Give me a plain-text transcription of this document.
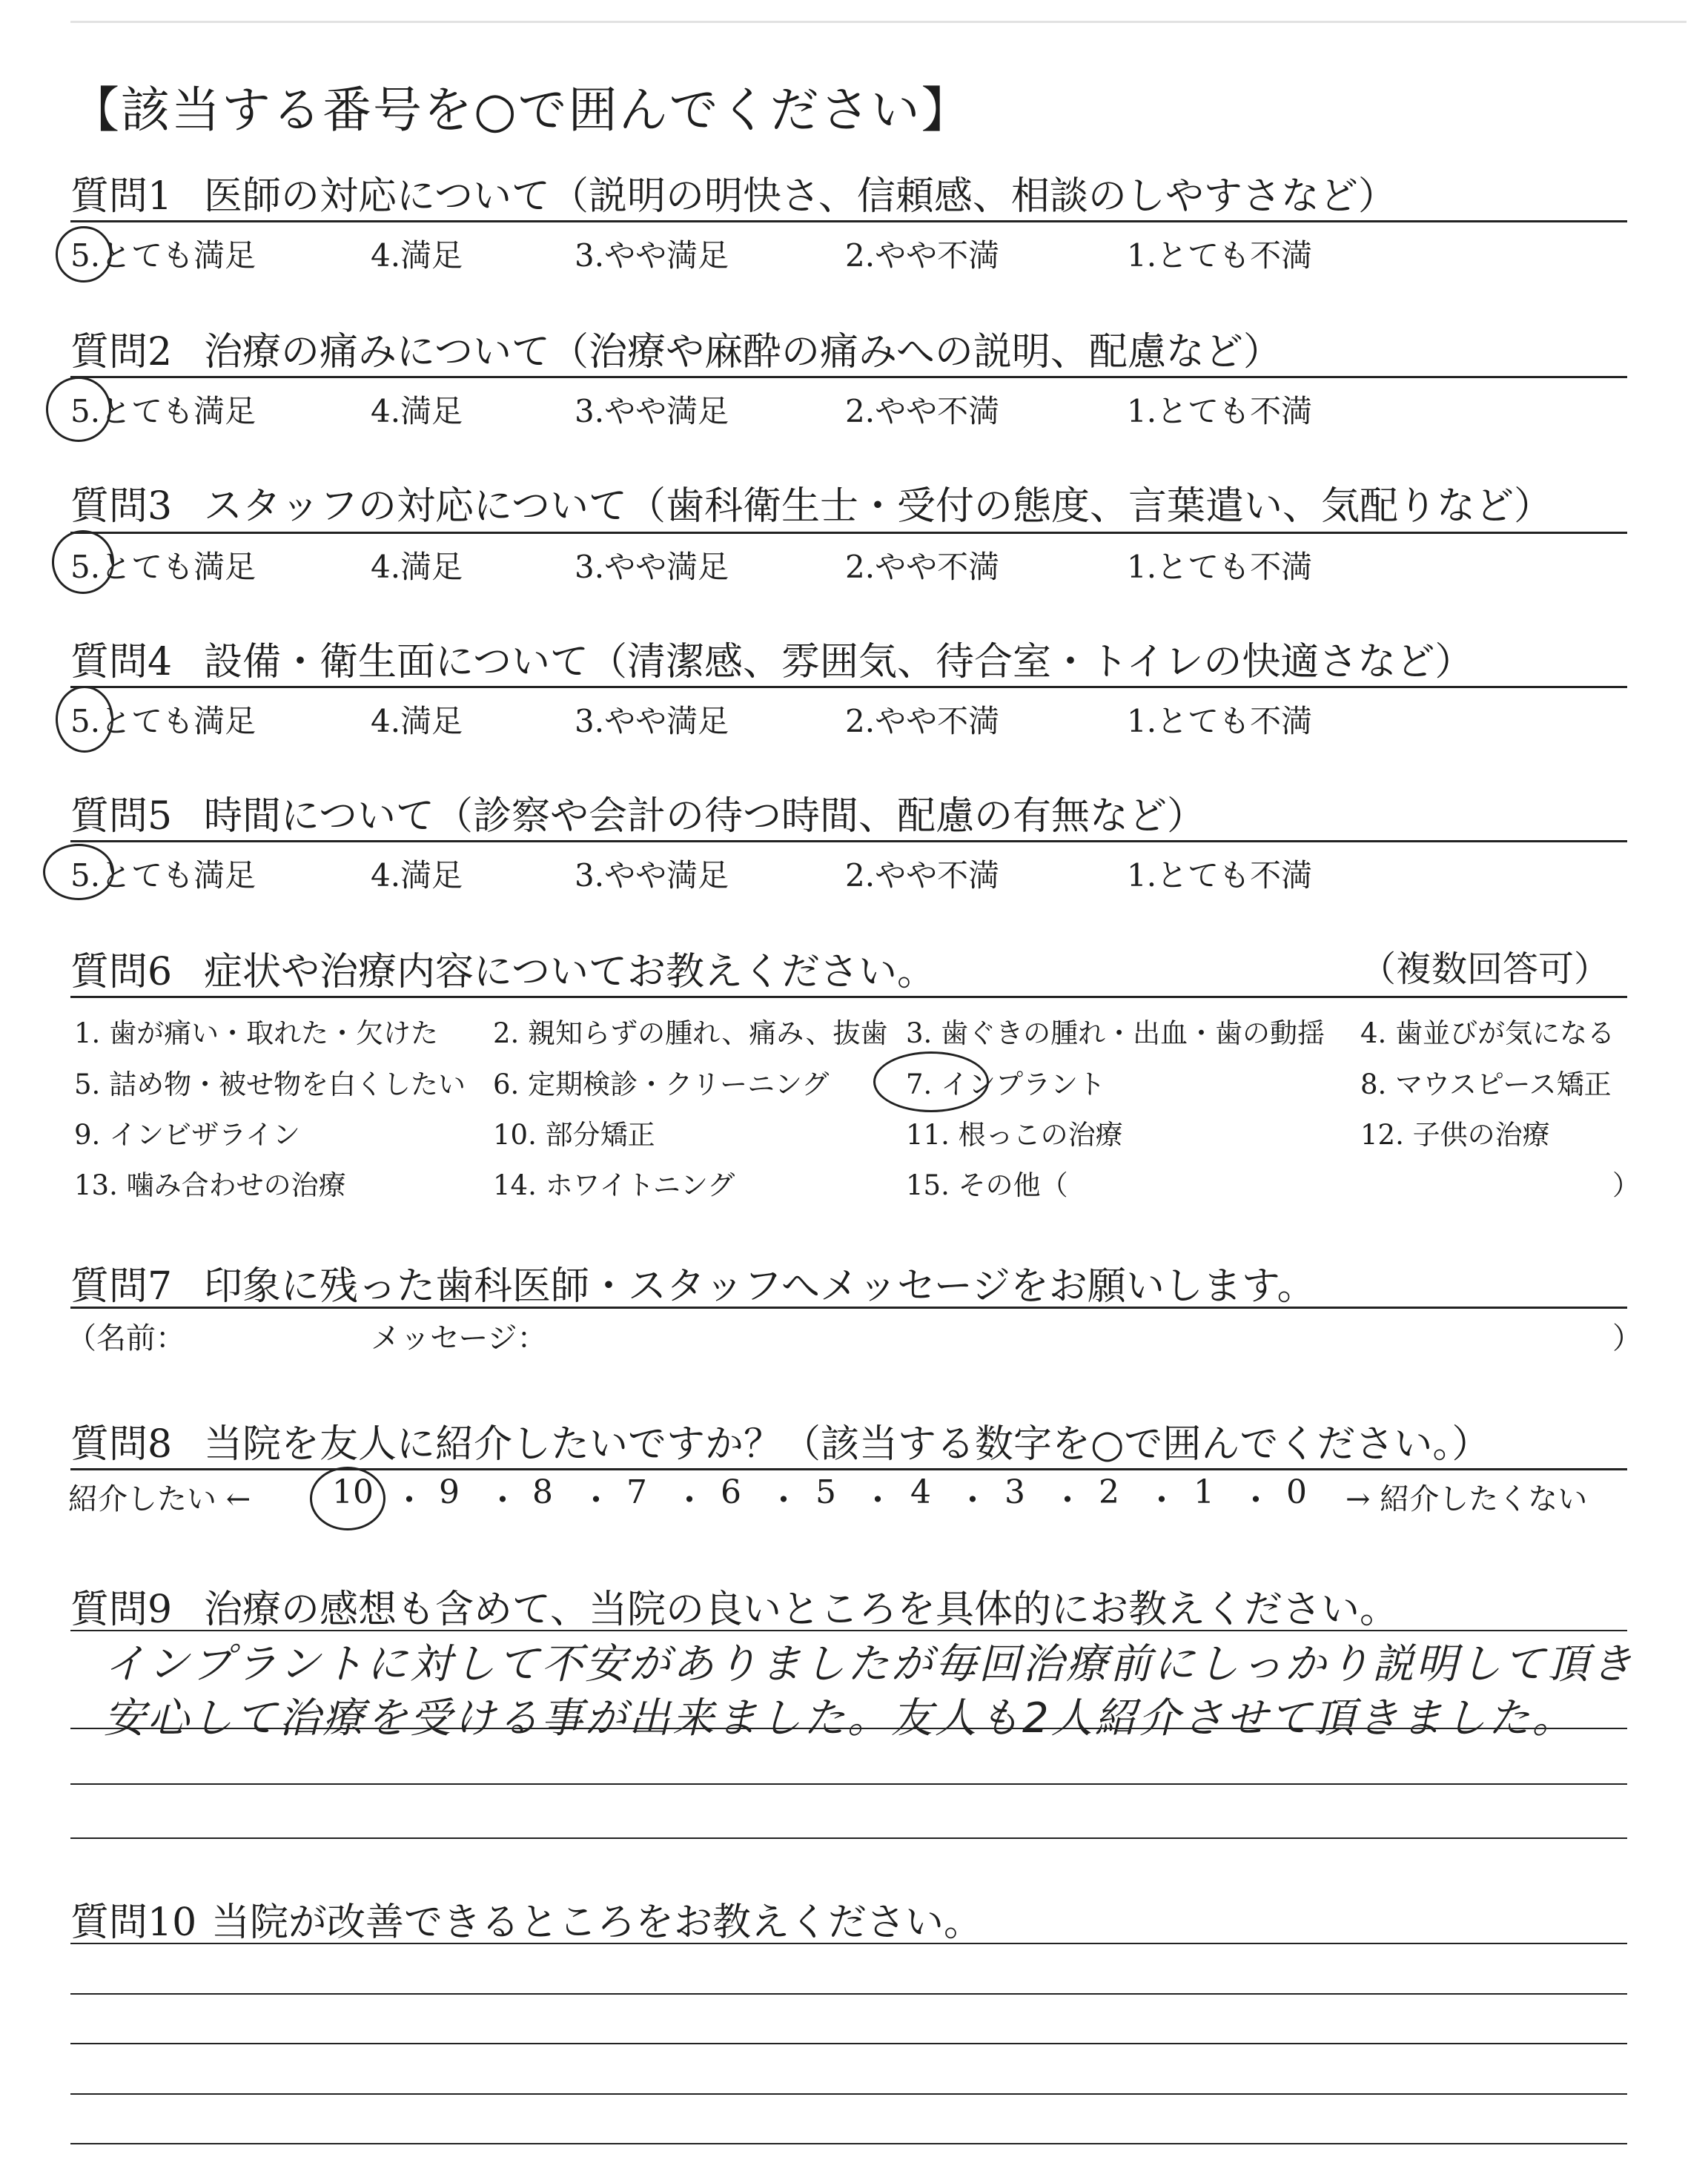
【該当する番号を○で囲んでください】
質問1 医師の対応について（説明の明快さ、信頼感、相談のしやすさなど）
5.とても満足	4.満足	3.やや満足	2.やや不満	1.とても不満
質問2 治療の痛みについて（治療や麻酔の痛みへの説明、配慮など）
5.とても満足	4.満足	3.やや満足	2.やや不満	1.とても不満
質問3 スタッフの対応について（歯科衛生士・受付の態度、言葉遣い、気配りなど）
5.とても満足	4.満足	3.やや満足	2.やや不満	1.とても不満
質問4 設備・衛生面について（清潔感、雰囲気、待合室・トイレの快適さなど）
5.とても満足	4.満足	3.やや満足	2.やや不満	1.とても不満
質問5 時間について（診察や会計の待つ時間、配慮の有無など）
5.とても満足	4.満足	3.やや満足	2.やや不満	1.とても不満
質問6 症状や治療内容についてお教えください。	（複数回答可）
1. 歯が痛い・取れた・欠けた 2. 親知らずの腫れ、痛み、抜歯 3. 歯ぐきの腫れ・出血・歯の動揺 4. 歯並びが気になる
5. 詰め物・被せ物を白くしたい 6. 定期検診・クリーニング	7. インプラント	8. マウスピース矯正
9. インビザライン	10. 部分矯正	11. 根っこの治療	12. 子供の治療
13. 噛み合わせの治療	14. ホワイトニング	15. その他（	）
質問7 印象に残った歯科医師・スタッフへメッセージをお願いします。
（名前：	メッセージ：	）
質問8 当院を友人に紹介したいですか？（該当する数字を○で囲んでください。）
紹介したい ← 10 ・ 9 ・ 8 ・ 7 ・ 6 ・ 5 ・ 4 ・ 3 ・ 2 ・ 1 ・ 0 → 紹介したくない
質問9 治療の感想も含めて、当院の良いところを具体的にお教えください。
インプラントに対して不安がありましたが毎回治療前にしっかり説明して頂き
安心して治療を受ける事が出来ました。友人も2人紹介させて頂きました。
質問10 当院が改善できるところをお教えください。
